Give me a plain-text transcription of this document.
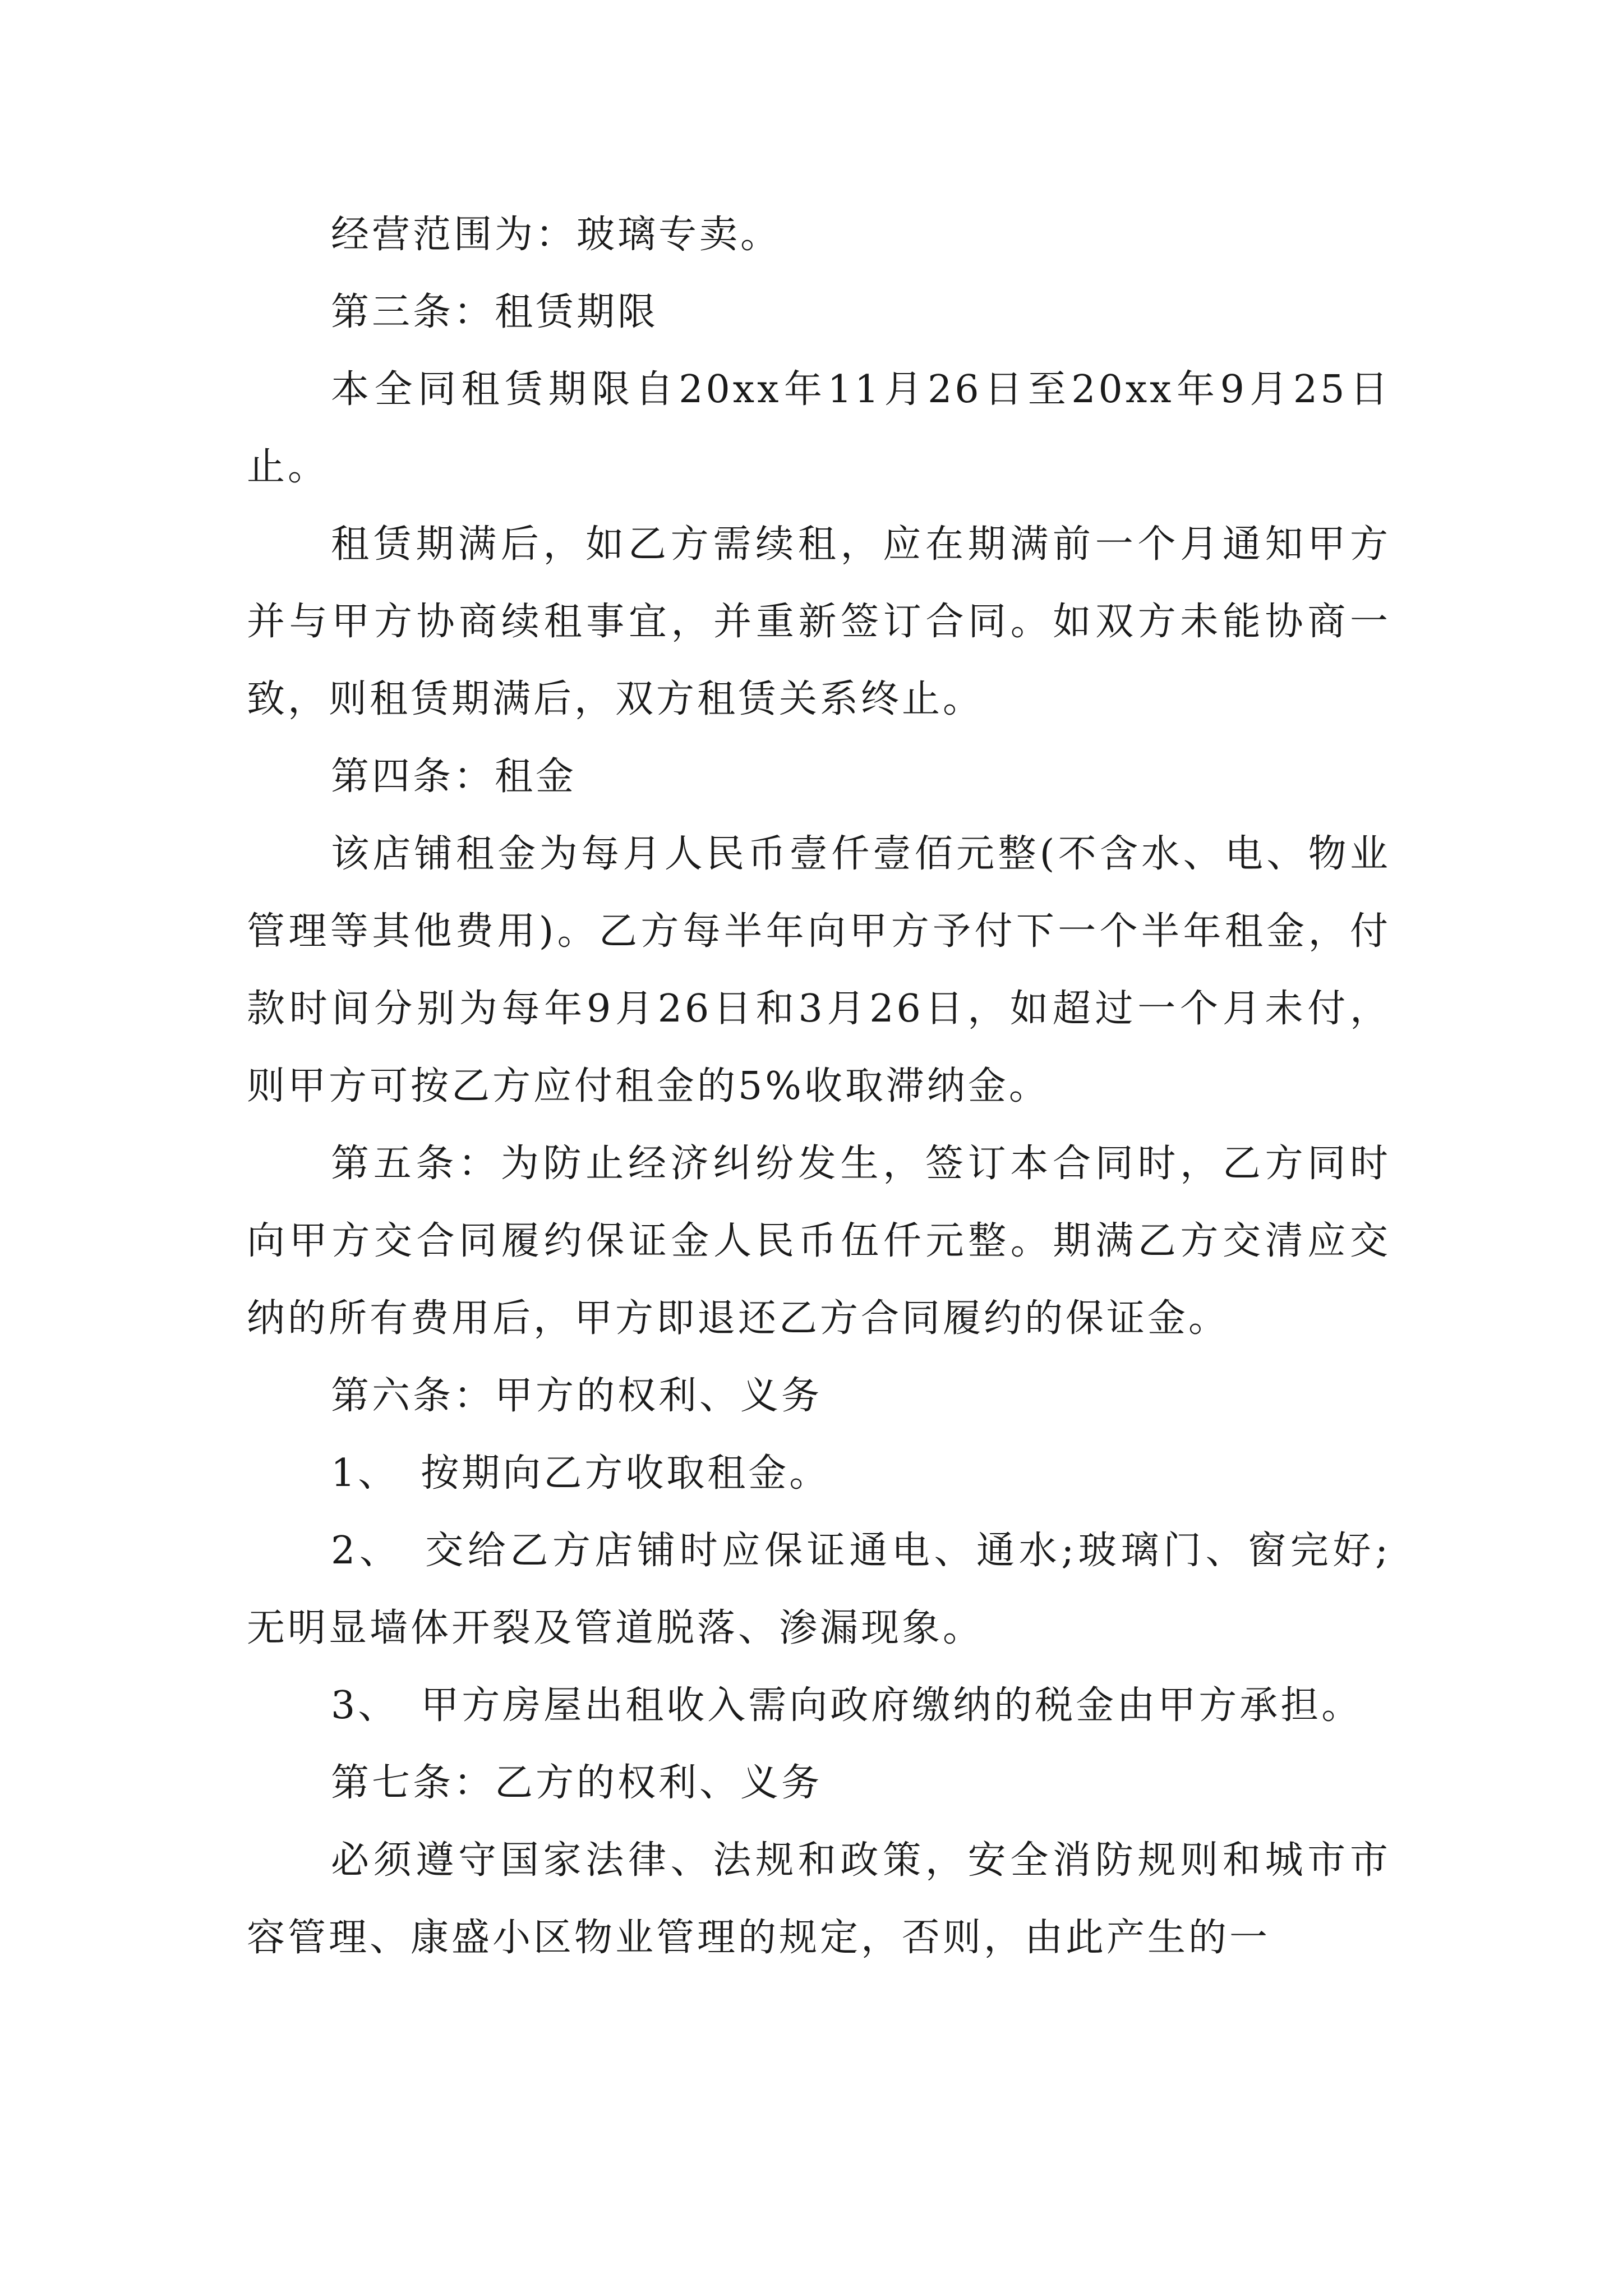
经营范围为：玻璃专卖。

第三条：租赁期限

本全同租赁期限自20xx年11月26日至20xx年9月25日止。

租赁期满后，如乙方需续租，应在期满前一个月通知甲方并与甲方协商续租事宜，并重新签订合同。如双方未能协商一致，则租赁期满后，双方租赁关系终止。

第四条：租金

该店铺租金为每月人民币壹仟壹佰元整(不含水、电、物业管理等其他费用)。乙方每半年向甲方予付下一个半年租金，付款时间分别为每年9月26日和3月26日，如超过一个月未付，则甲方可按乙方应付租金的5%收取滞纳金。

第五条：为防止经济纠纷发生，签订本合同时，乙方同时向甲方交合同履约保证金人民币伍仟元整。期满乙方交清应交纳的所有费用后，甲方即退还乙方合同履约的保证金。

第六条：甲方的权利、义务

1、　按期向乙方收取租金。

2、　交给乙方店铺时应保证通电、通水;玻璃门、窗完好;无明显墙体开裂及管道脱落、渗漏现象。

3、　甲方房屋出租收入需向政府缴纳的税金由甲方承担。

第七条：乙方的权利、义务

必须遵守国家法律、法规和政策，安全消防规则和城市市容管理、康盛小区物业管理的规定，否则，由此产生的一
